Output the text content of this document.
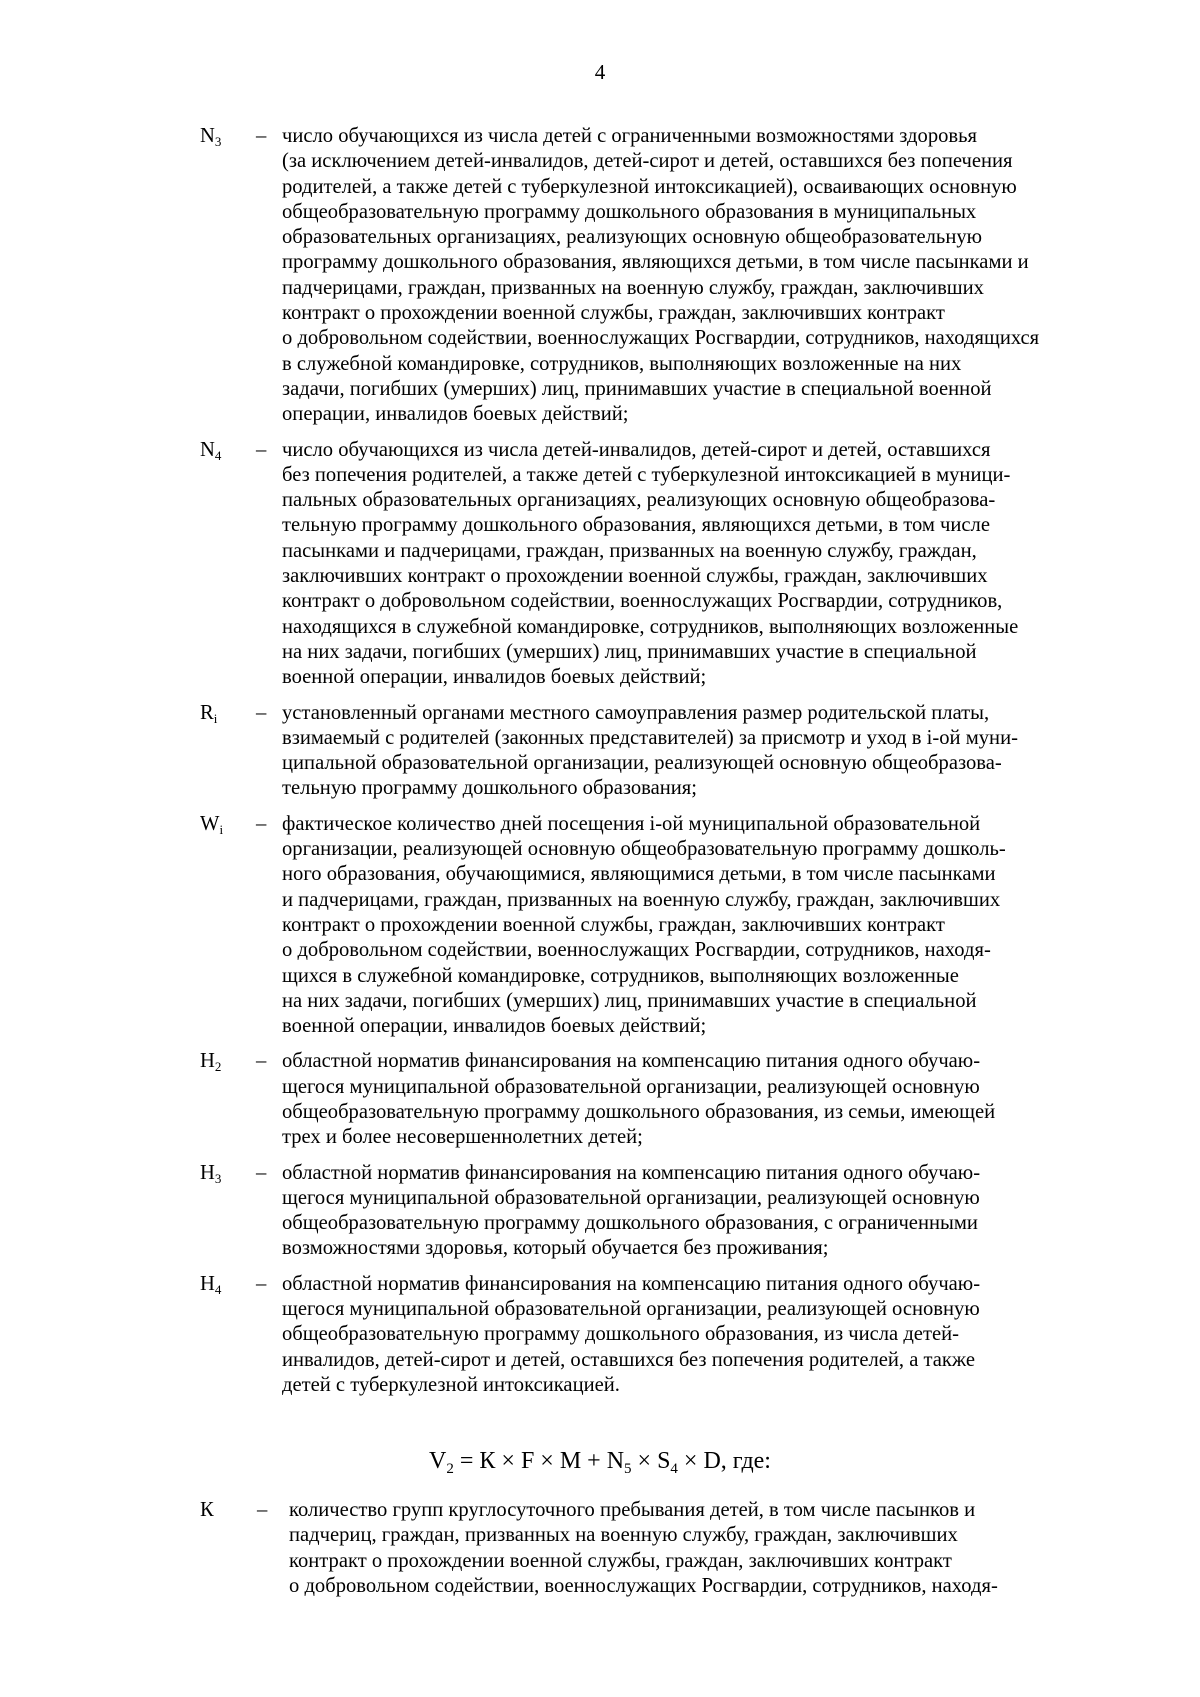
4
$N_3$ – число обучающихся из числа детей с ограниченными возможностями здоровья
(за исключением детей-инвалидов, детей-сирот и детей, оставшихся без попечения
родителей, а также детей с туберкулезной интоксикацией), осваивающих основную
общеобразовательную программу дошкольного образования в муниципальных
образовательных организациях, реализующих основную общеобразовательную
программу дошкольного образования, являющихся детьми, в том числе пасынками и
падчерицами, граждан, призванных на военную службу, граждан, заключивших
контракт о прохождении военной службы, граждан, заключивших контракт
о добровольном содействии, военнослужащих Росгвардии, сотрудников, находящихся
в служебной командировке, сотрудников, выполняющих возложенные на них
задачи, погибших (умерших) лиц, принимавших участие в специальной военной
операции, инвалидов боевых действий;
$N_4$ – число обучающихся из числа детей-инвалидов, детей-сирот и детей, оставшихся
без попечения родителей, а также детей с туберкулезной интоксикацией в муници-
пальных образовательных организациях, реализующих основную общеобразова-
тельную программу дошкольного образования, являющихся детьми, в том числе
пасынками и падчерицами, граждан, призванных на военную службу, граждан,
заключивших контракт о прохождении военной службы, граждан, заключивших
контракт о добровольном содействии, военнослужащих Росгвардии, сотрудников,
находящихся в служебной командировке, сотрудников, выполняющих возложенные
на них задачи, погибших (умерших) лиц, принимавших участие в специальной
военной операции, инвалидов боевых действий;
$R_i$ – установленный органами местного самоуправления размер родительской платы,
взимаемый с родителей (законных представителей) за присмотр и уход в i-ой муни-
ципальной образовательной организации, реализующей основную общеобразова-
тельную программу дошкольного образования;
$W_i$ – фактическое количество дней посещения i-ой муниципальной образовательной
организации, реализующей основную общеобразовательную программу дошколь-
ного образования, обучающимися, являющимися детьми, в том числе пасынками
и падчерицами, граждан, призванных на военную службу, граждан, заключивших
контракт о прохождении военной службы, граждан, заключивших контракт
о добровольном содействии, военнослужащих Росгвардии, сотрудников, находя-
щихся в служебной командировке, сотрудников, выполняющих возложенные
на них задачи, погибших (умерших) лиц, принимавших участие в специальной
военной операции, инвалидов боевых действий;
$Н_2$ – областной норматив финансирования на компенсацию питания одного обучаю-
щегося муниципальной образовательной организации, реализующей основную
общеобразовательную программу дошкольного образования, из семьи, имеющей
трех и более несовершеннолетних детей;
$Н_3$ – областной норматив финансирования на компенсацию питания одного обучаю-
щегося муниципальной образовательной организации, реализующей основную
общеобразовательную программу дошкольного образования, с ограниченными
возможностями здоровья, который обучается без проживания;
$Н_4$ – областной норматив финансирования на компенсацию питания одного обучаю-
щегося муниципальной образовательной организации, реализующей основную
общеобразовательную программу дошкольного образования, из числа детей-
инвалидов, детей-сирот и детей, оставшихся без попечения родителей, а также
детей с туберкулезной интоксикацией.
$V_2 = К \times F \times M + N_5 \times S_4 \times D$, где:
К – количество групп круглосуточного пребывания детей, в том числе пасынков и
падчериц, граждан, призванных на военную службу, граждан, заключивших
контракт о прохождении военной службы, граждан, заключивших контракт
о добровольном содействии, военнослужащих Росгвардии, сотрудников, находя-
